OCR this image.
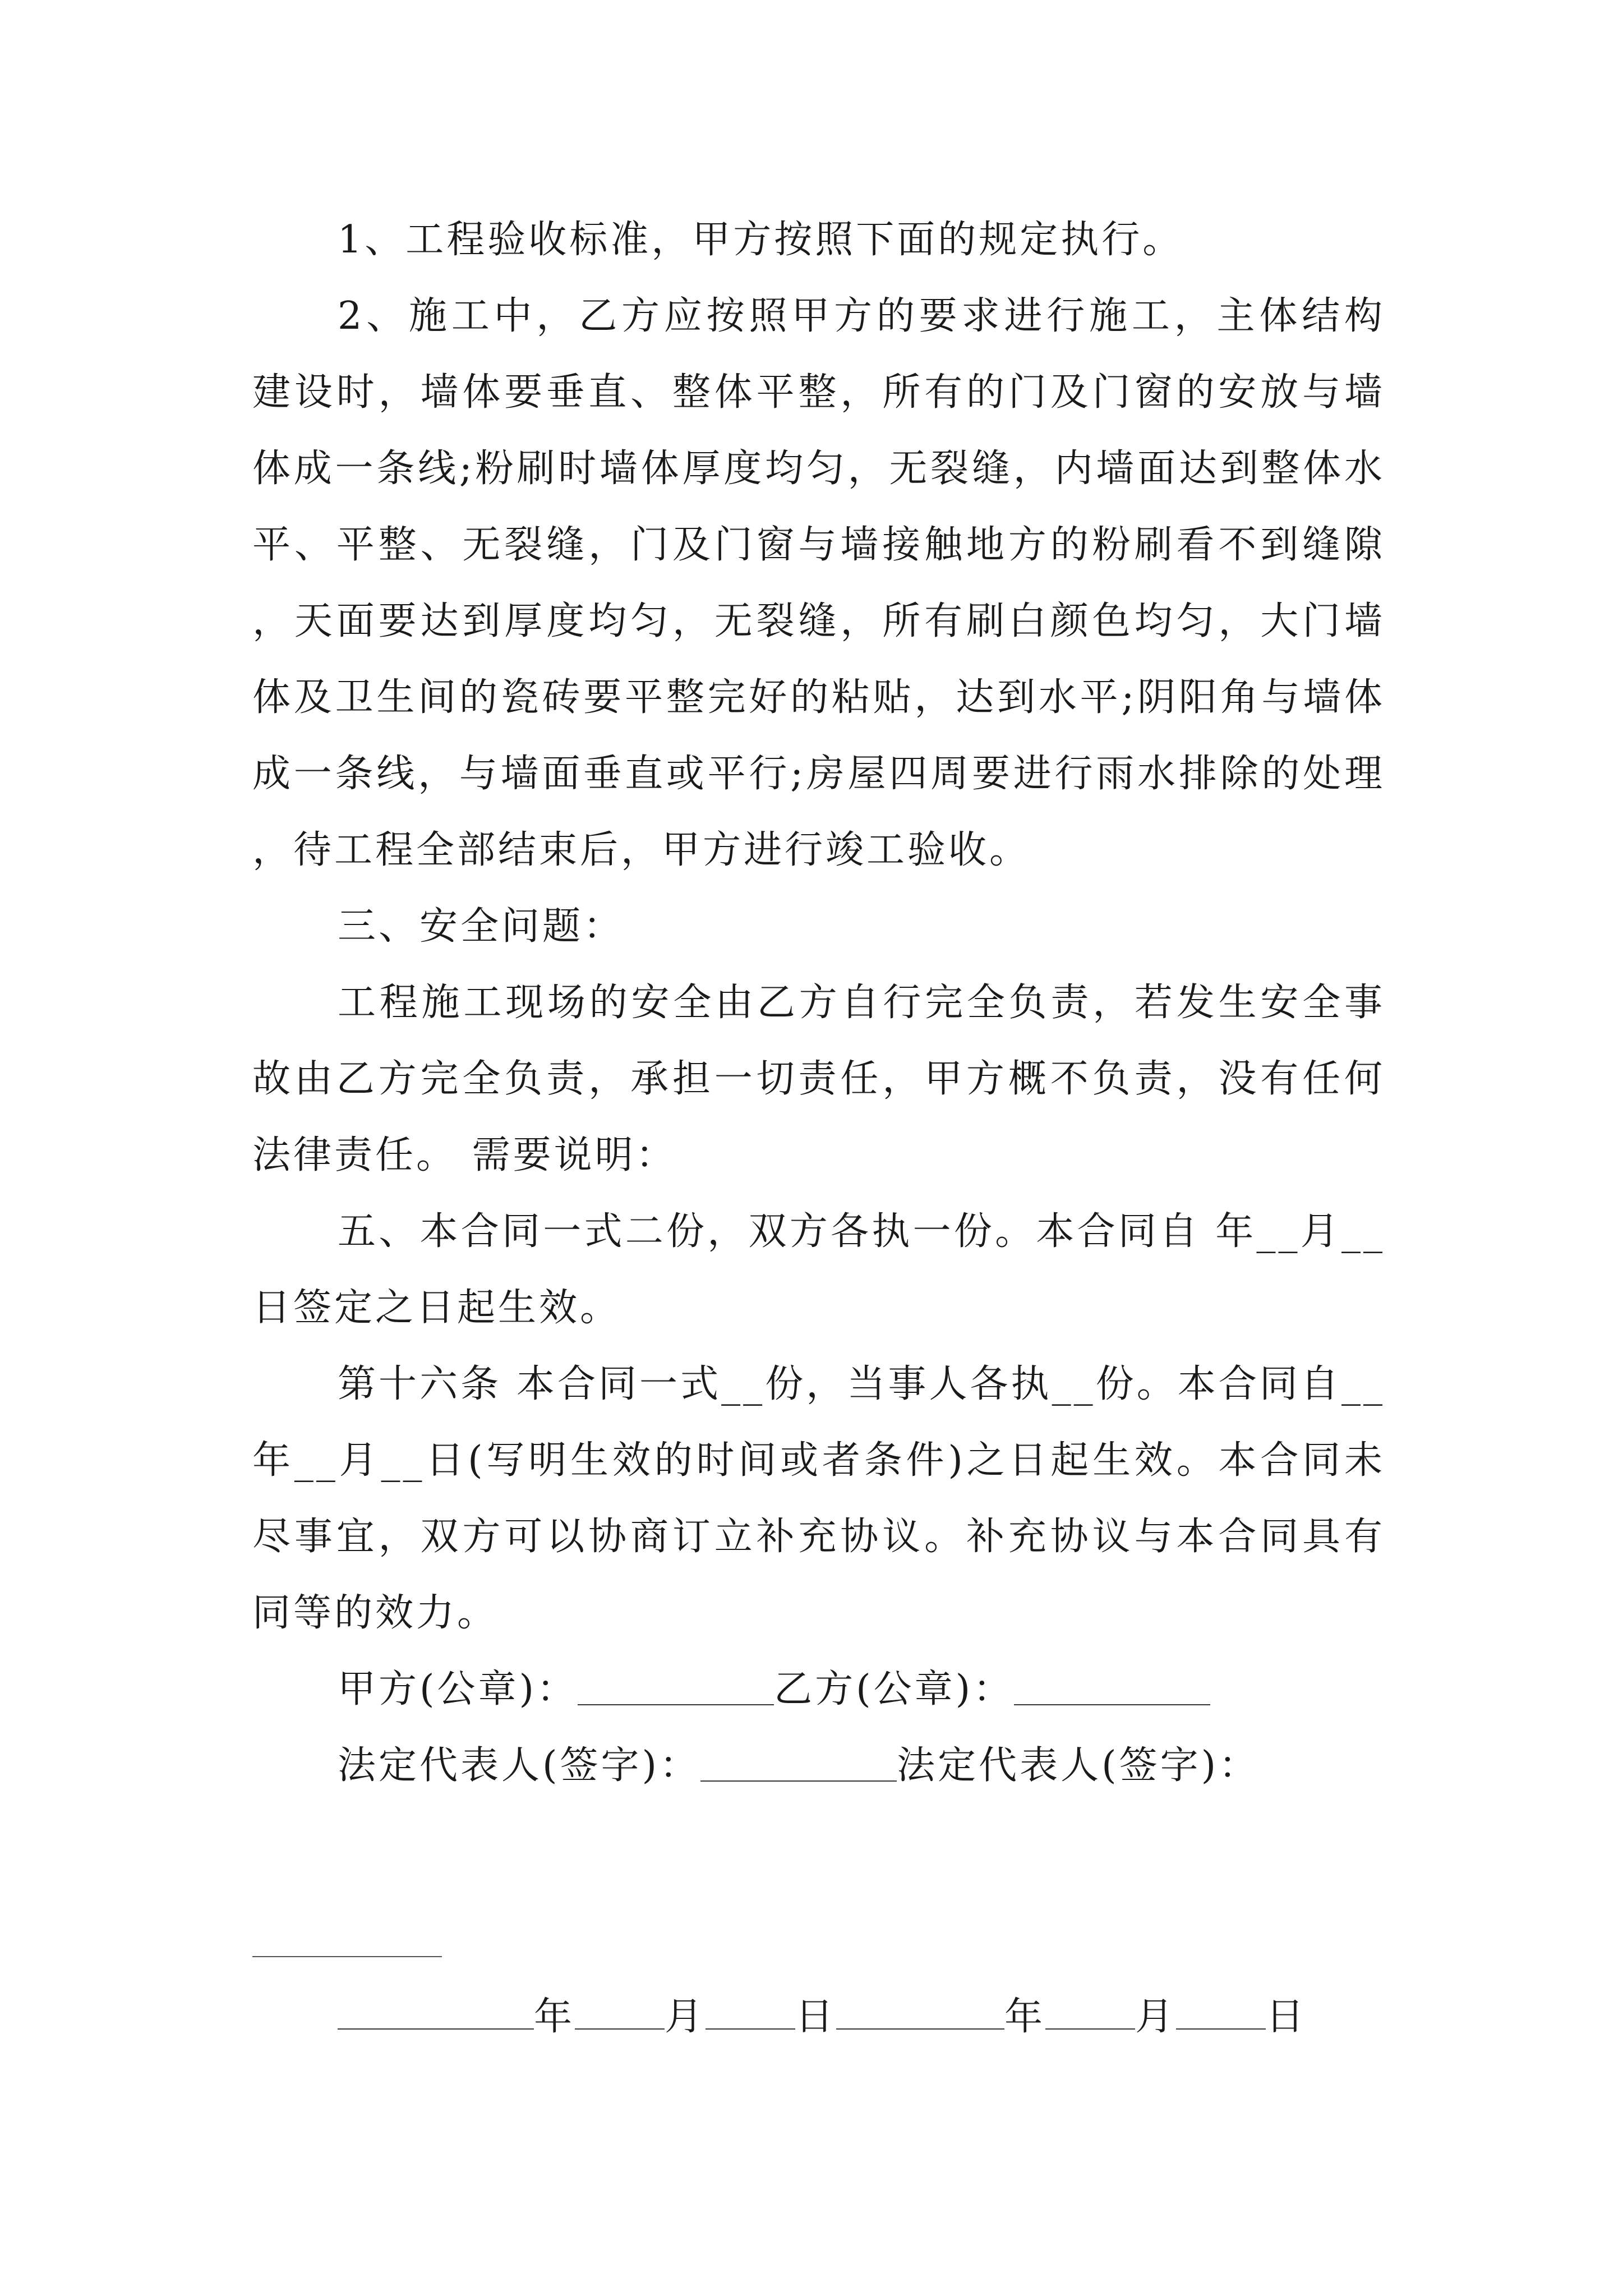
1、工程验收标准，甲方按照下面的规定执行。

2、施工中，乙方应按照甲方的要求进行施工，主体结构建设时，墙体要垂直、整体平整，所有的门及门窗的安放与墙体成一条线;粉刷时墙体厚度均匀，无裂缝，内墙面达到整体水平、平整、无裂缝，门及门窗与墙接触地方的粉刷看不到缝隙，天面要达到厚度均匀，无裂缝，所有刷白颜色均匀，大门墙体及卫生间的瓷砖要平整完好的粘贴，达到水平;阴阳角与墙体成一条线，与墙面垂直或平行;房屋四周要进行雨水排除的处理，待工程全部结束后，甲方进行竣工验收。

三、安全问题：

工程施工现场的安全由乙方自行完全负责，若发生安全事故由乙方完全负责，承担一切责任，甲方概不负责，没有任何法律责任。 需要说明：

五、本合同一式二份，双方各执一份。本合同自 年__月__日签定之日起生效。

第十六条 本合同一式__份，当事人各执__份。本合同自__年__月__日(写明生效的时间或者条件)之日起生效。本合同未尽事宜，双方可以协商订立补充协议。补充协议与本合同具有同等的效力。

甲方(公章)：	乙方(公章)：
法定代表人(签字)：	法定代表人(签字)：
年 月 日	年 月 日
